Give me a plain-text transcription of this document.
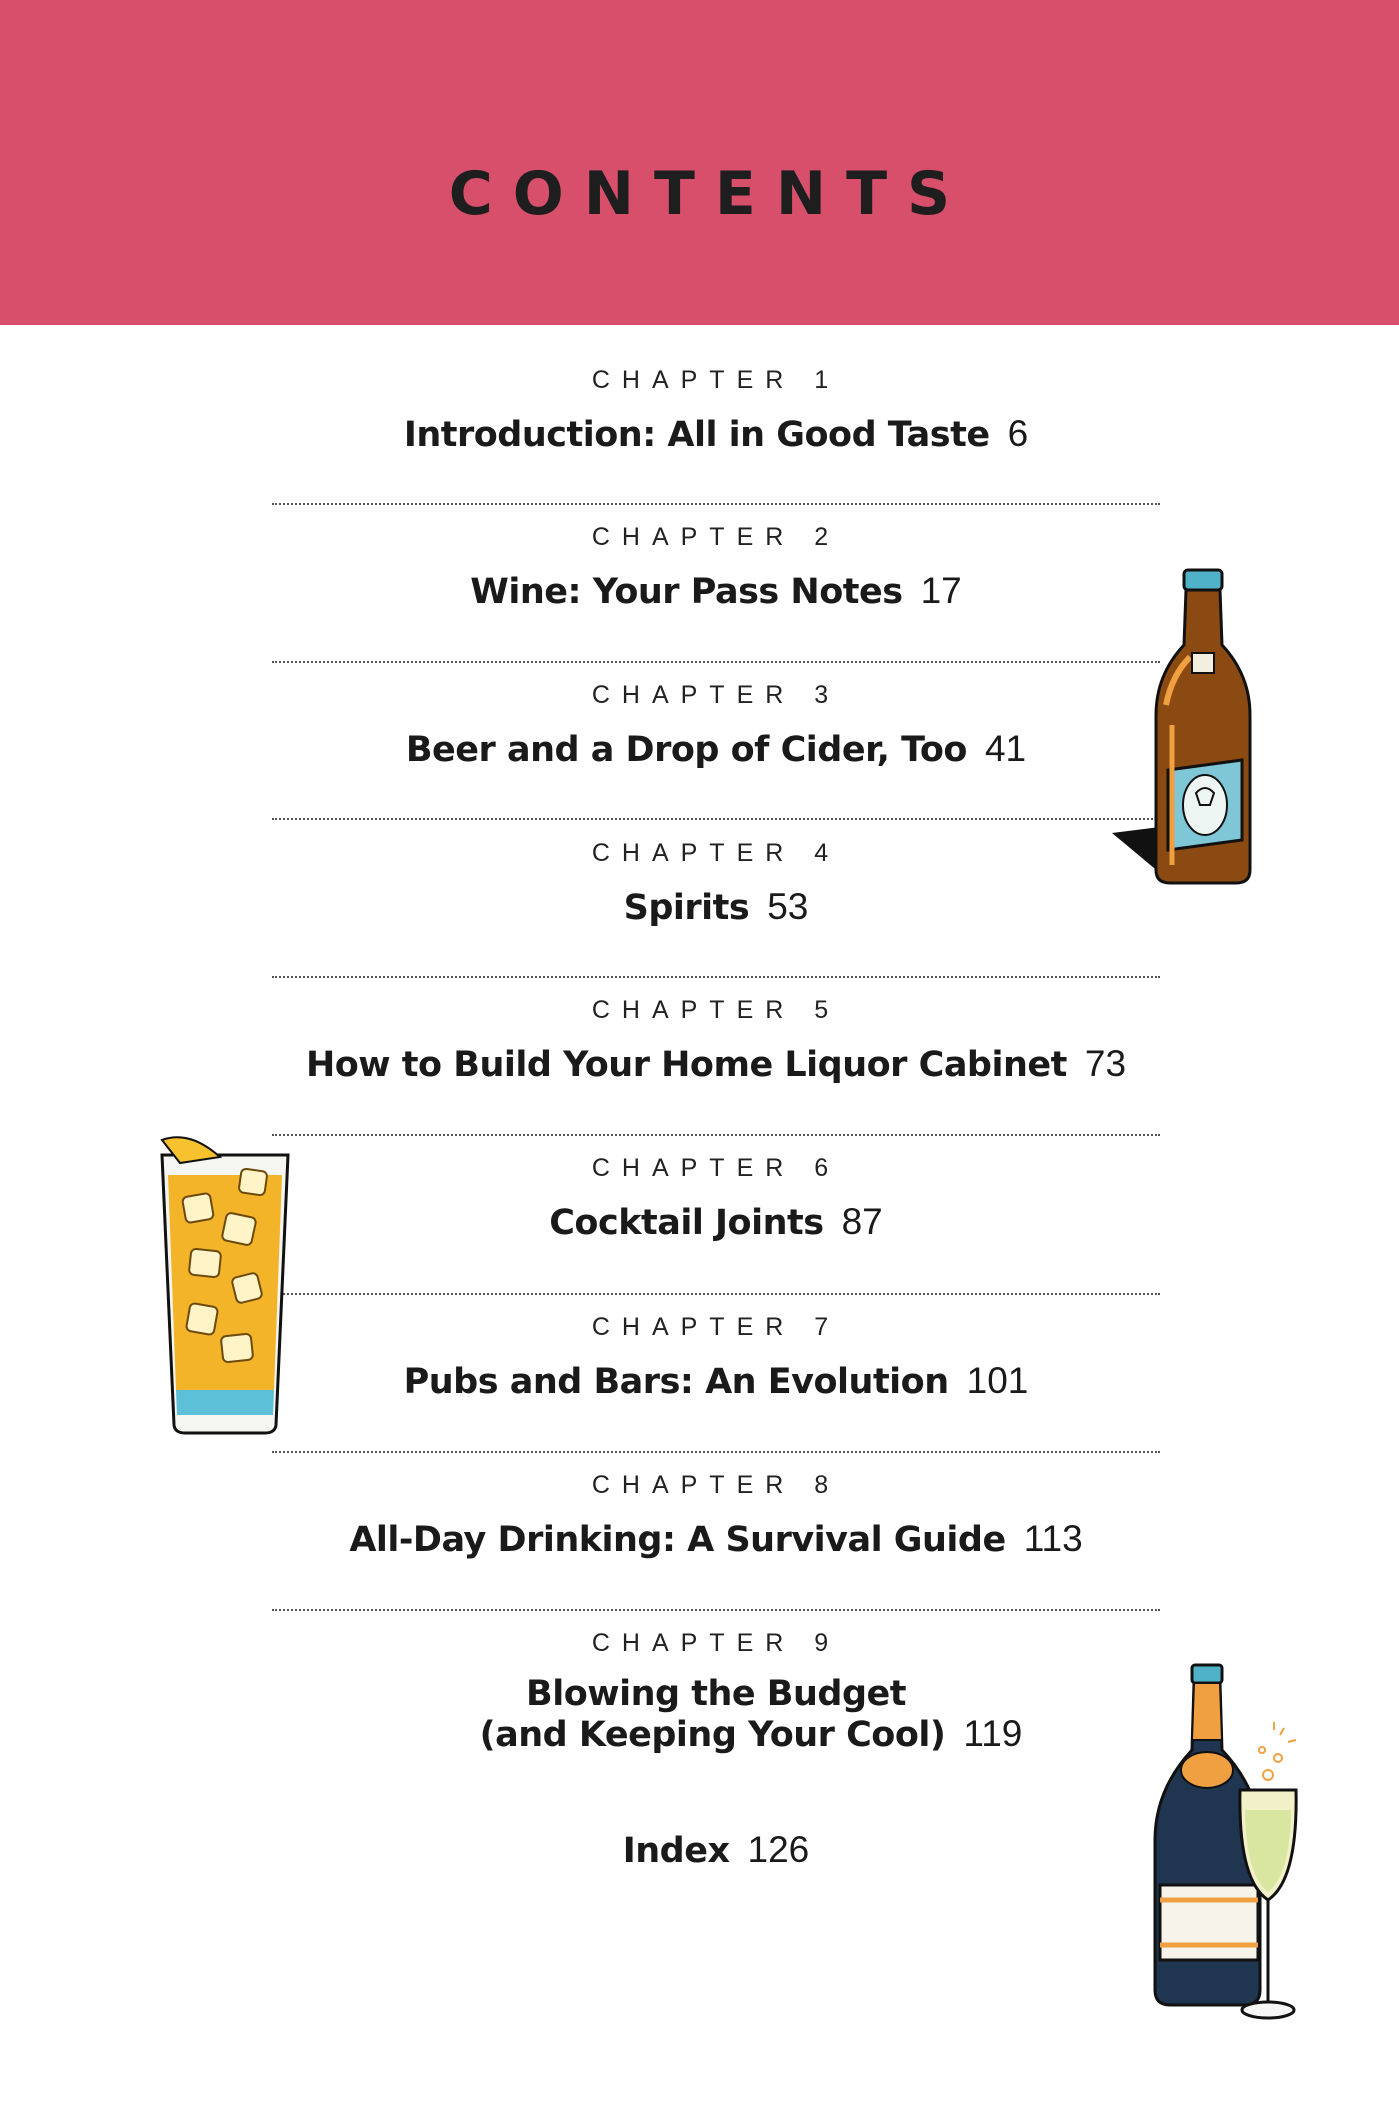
CONTENTS
CHAPTER 1
Introduction: All in Good Taste 6
CHAPTER 2
Wine: Your Pass Notes 17
CHAPTER 3
Beer and a Drop of Cider, Too 41
CHAPTER 4
Spirits 53
CHAPTER 5
How to Build Your Home Liquor Cabinet 73
CHAPTER 6
Cocktail Joints 87
CHAPTER 7
Pubs and Bars: An Evolution 101
CHAPTER 8
All-Day Drinking: A Survival Guide 113
CHAPTER 9
Blowing the Budget
(and Keeping Your Cool) 119
Index 126
